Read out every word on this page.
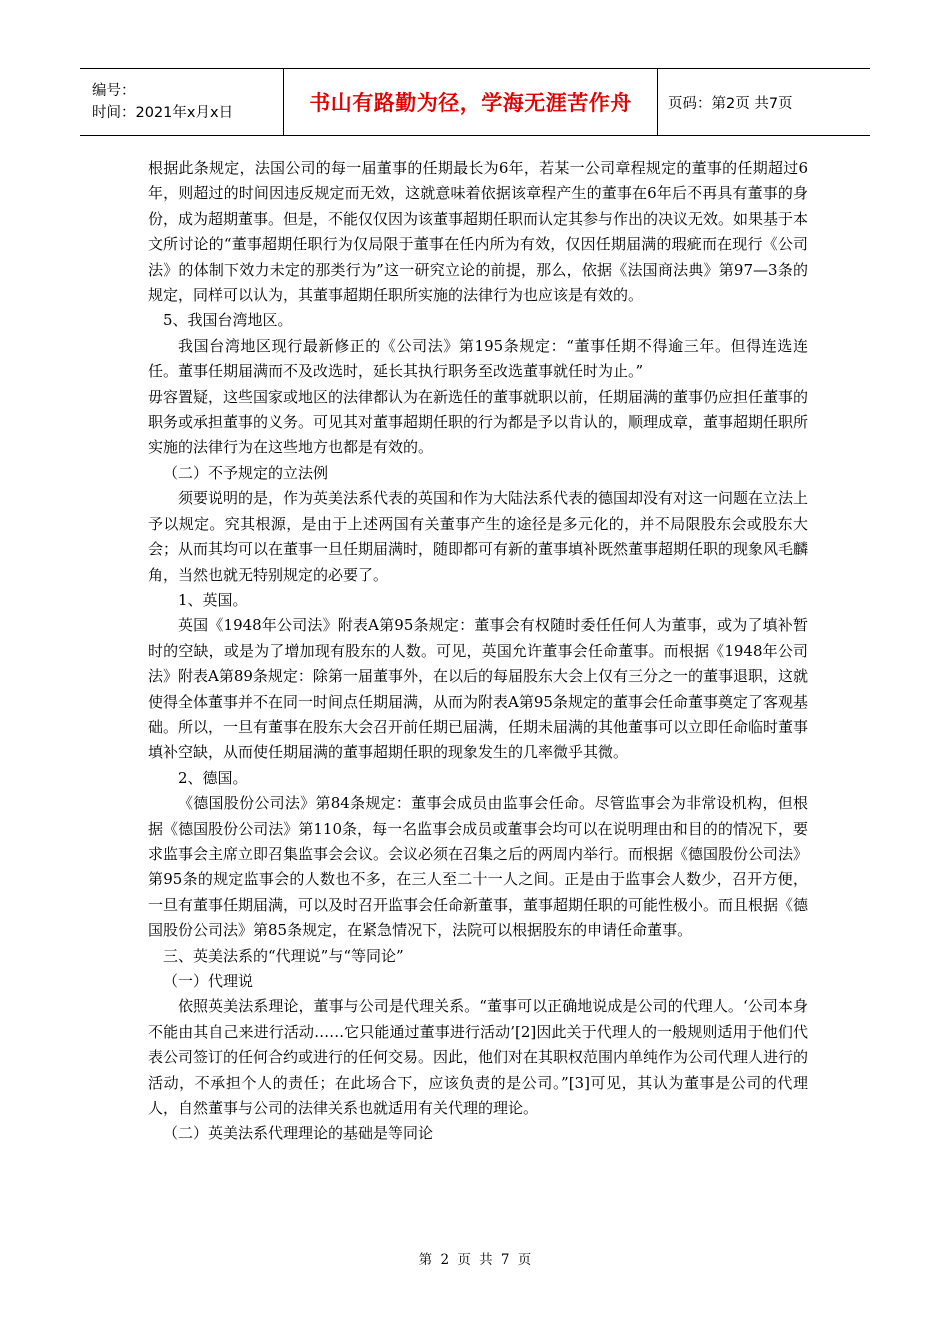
编号：
时间：2021年x月x日	书山有路勤为径，学海无涯苦作舟	页码：第2页 共7页

根据此条规定，法国公司的每一届董事的任期最长为6年，若某一公司章程规定的董事的任期超过6年，则超过的时间因违反规定而无效，这就意味着依据该章程产生的董事在6年后不再具有董事的身份，成为超期董事。但是，不能仅仅因为该董事超期任职而认定其参与作出的决议无效。如果基于本文所讨论的“董事超期任职行为仅局限于董事在任内所为有效，仅因任期届满的瑕疵而在现行《公司法》的体制下效力未定的那类行为”这一研究立论的前提，那么，依据《法国商法典》第97—3条的规定，同样可以认为，其董事超期任职所实施的法律行为也应该是有效的。

5、我国台湾地区。

我国台湾地区现行最新修正的《公司法》第195条规定：“董事任期不得逾三年。但得连选连任。董事任期届满而不及改选时，延长其执行职务至改选董事就任时为止。”

毋容置疑，这些国家或地区的法律都认为在新选任的董事就职以前，任期届满的董事仍应担任董事的职务或承担董事的义务。可见其对董事超期任职的行为都是予以肯认的，顺理成章，董事超期任职所实施的法律行为在这些地方也都是有效的。

（二）不予规定的立法例

须要说明的是，作为英美法系代表的英国和作为大陆法系代表的德国却没有对这一问题在立法上予以规定。究其根源，是由于上述两国有关董事产生的途径是多元化的，并不局限股东会或股东大会；从而其均可以在董事一旦任期届满时，随即都可有新的董事填补既然董事超期任职的现象风毛麟角，当然也就无特别规定的必要了。

1、英国。

英国《1948年公司法》附表A第95条规定：董事会有权随时委任任何人为董事，或为了填补暂时的空缺，或是为了增加现有股东的人数。可见，英国允许董事会任命董事。而根据《1948年公司法》附表A第89条规定：除第一届董事外，在以后的每届股东大会上仅有三分之一的董事退职，这就使得全体董事并不在同一时间点任期届满，从而为附表A第95条规定的董事会任命董事奠定了客观基础。所以，一旦有董事在股东大会召开前任期已届满，任期未届满的其他董事可以立即任命临时董事填补空缺，从而使任期届满的董事超期任职的现象发生的几率微乎其微。

2、德国。

《德国股份公司法》第84条规定：董事会成员由监事会任命。尽管监事会为非常设机构，但根据《德国股份公司法》第110条，每一名监事会成员或董事会均可以在说明理由和目的的情况下，要求监事会主席立即召集监事会会议。会议必须在召集之后的两周内举行。而根据《德国股份公司法》第95条的规定监事会的人数也不多，在三人至二十一人之间。正是由于监事会人数少，召开方便，一旦有董事任期届满，可以及时召开监事会任命新董事，董事超期任职的可能性极小。而且根据《德国股份公司法》第85条规定，在紧急情况下，法院可以根据股东的申请任命董事。

三、英美法系的“代理说”与“等同论”

（一）代理说

依照英美法系理论，董事与公司是代理关系。“董事可以正确地说成是公司的代理人。‘公司本身不能由其自己来进行活动……它只能通过董事进行活动’[2]因此关于代理人的一般规则适用于他们代表公司签订的任何合约或进行的任何交易。因此，他们对在其职权范围内单纯作为公司代理人进行的活动，不承担个人的责任；在此场合下，应该负责的是公司。”[3]可见，其认为董事是公司的代理人，自然董事与公司的法律关系也就适用有关代理的理论。

（二）英美法系代理理论的基础是等同论

第 2 页 共 7 页
